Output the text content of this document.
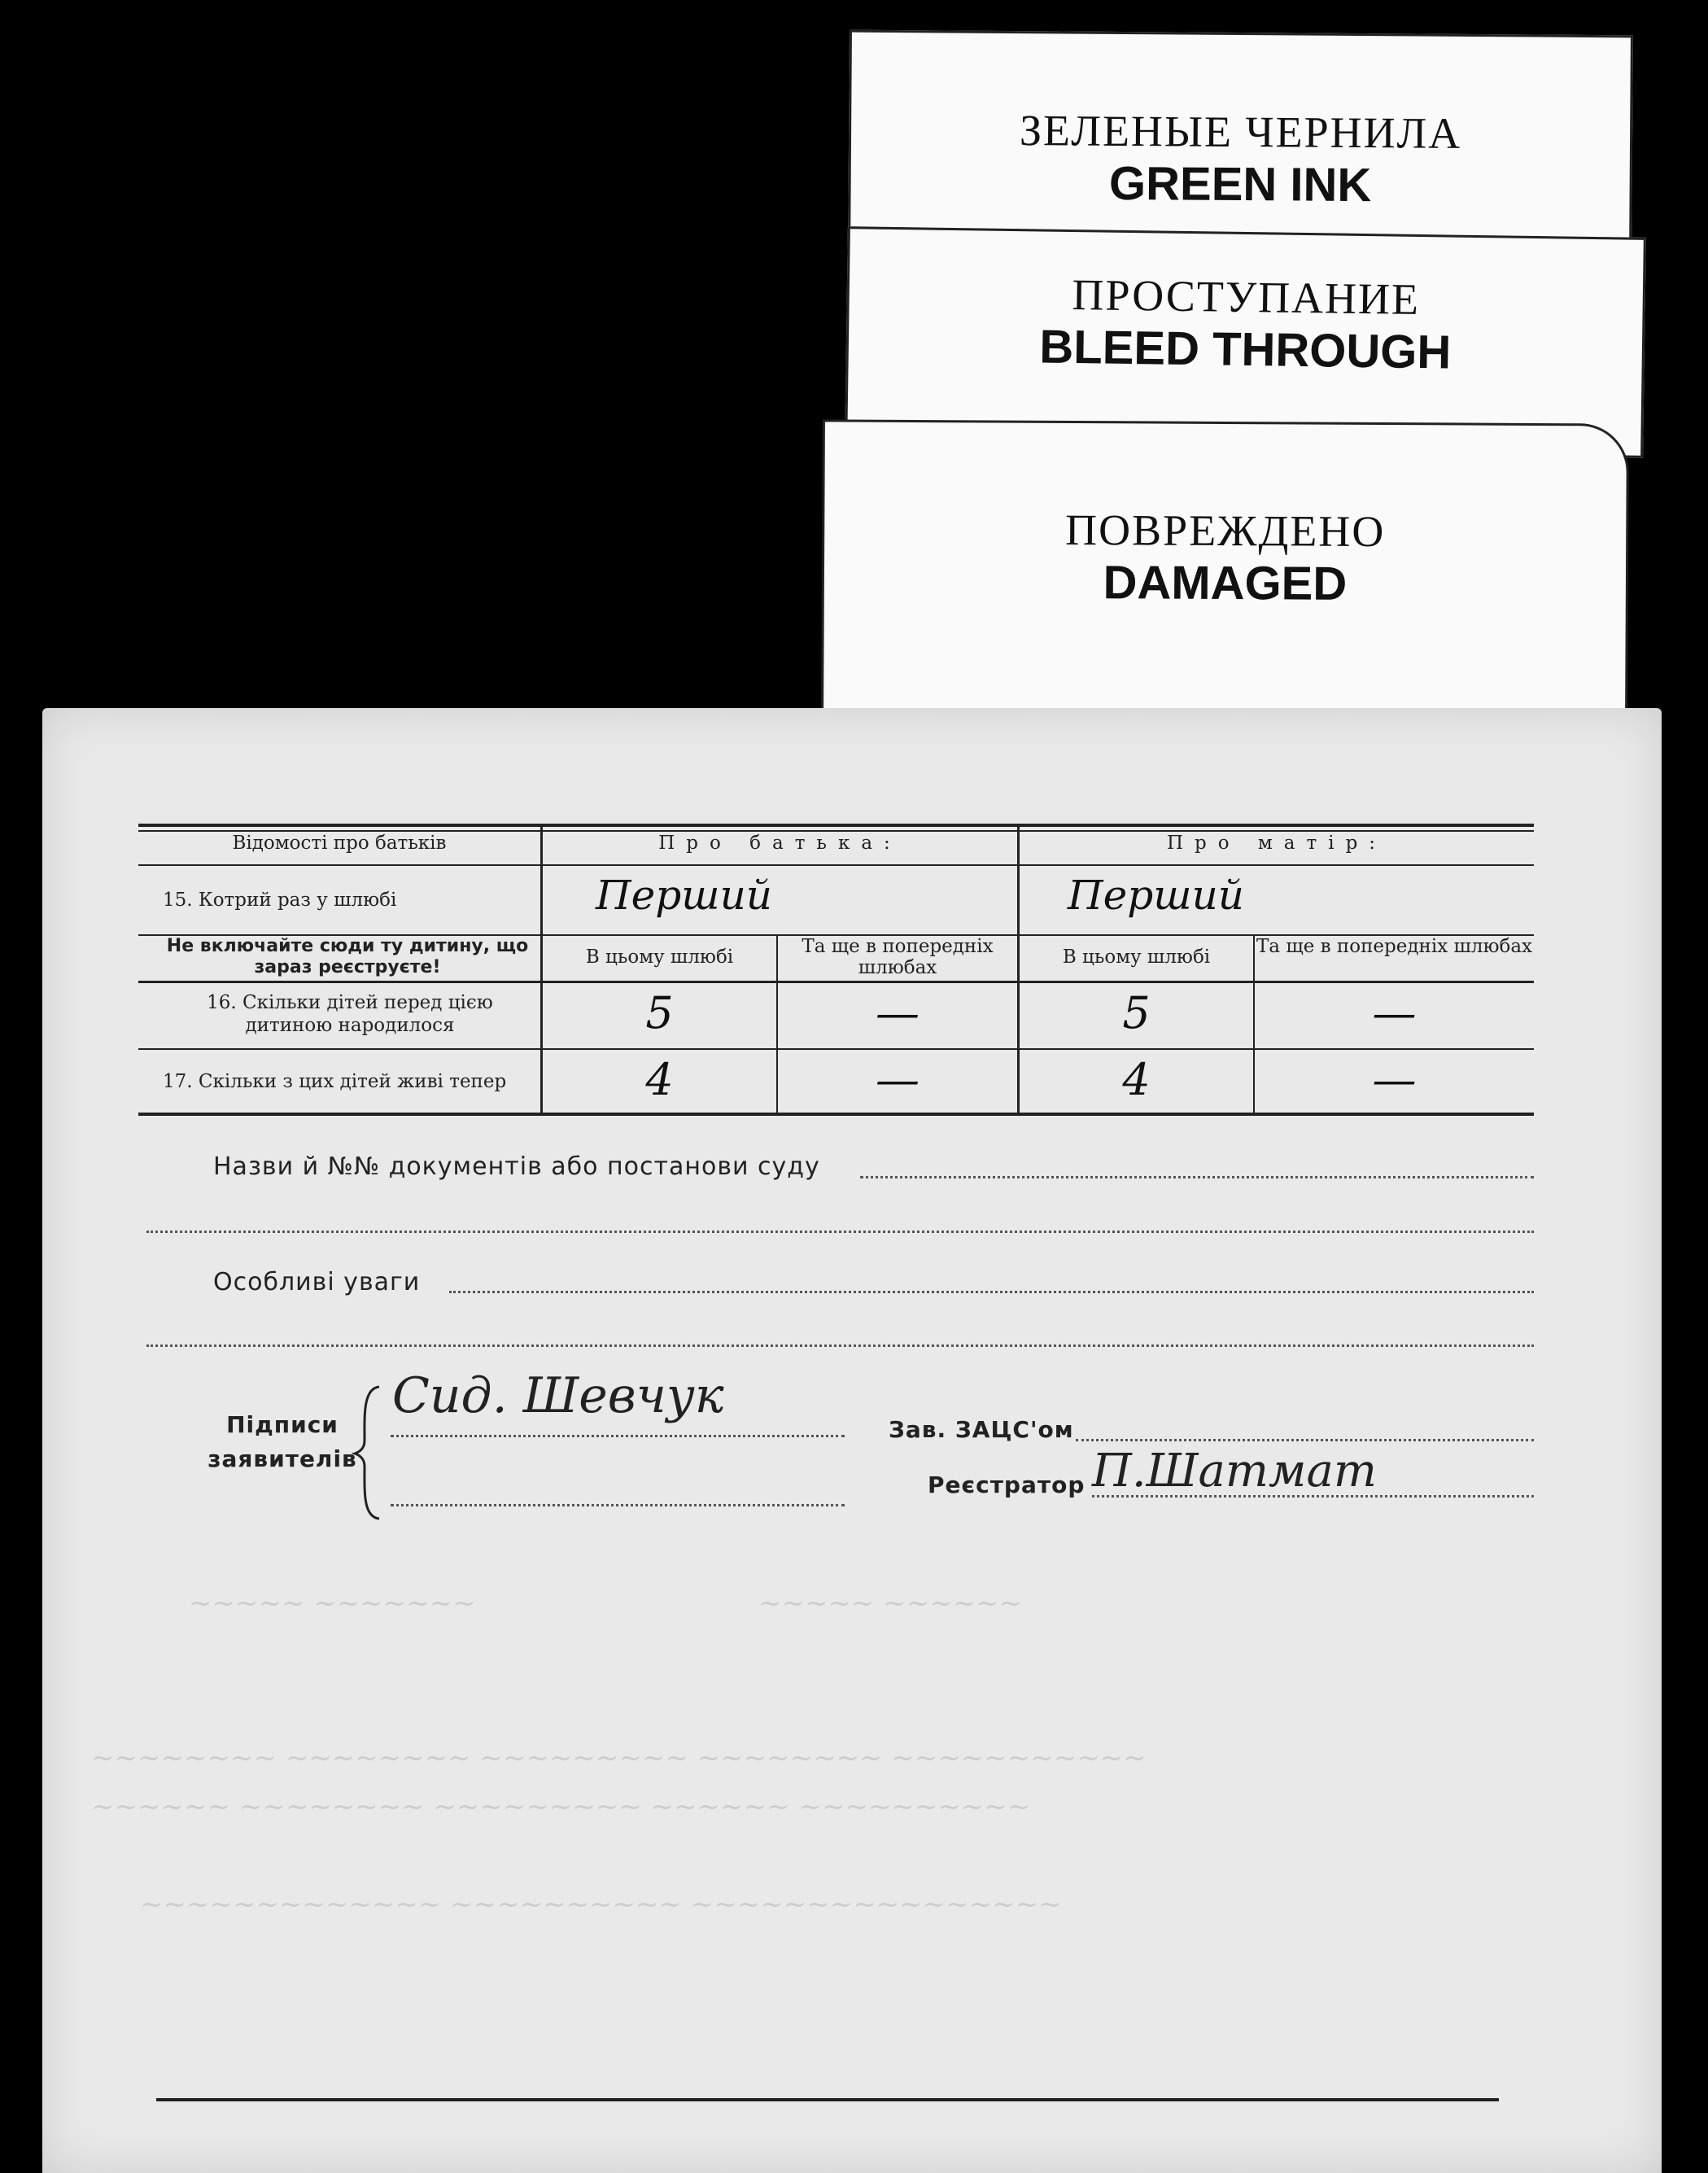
ЗЕЛЕНЫЕ ЧЕРНИЛА
GREEN INK
ПРОСТУПАНИЕ
BLEED THROUGH
ПОВРЕЖДЕНО
DAMAGED
~~~~~ ~~~~~~~	~~~~~ ~~~~~~
~~~~~~~~ ~~~~~~~~ ~~~~~~~~~ ~~~~~~~~ ~~~~~~~~~~~
~~~~~~ ~~~~~~~~ ~~~~~~~~~ ~~~~~~ ~~~~~~~~~~
~~~~~~~~~~~~~ ~~~~~~~~~~ ~~~~~~~~~~~~~~~~
Відомості про батьків	Про батька:	Про матір:
15. Котрий раз у шлюбі	Перший	Перший
Не включайте сюди ту дитину, що зараз реєструєте!	В цьому шлюбі	Та ще в попередніх шлюбах	В цьому шлюбі	Та ще в попередніх шлюбах
16. Скільки дітей перед цією дитиною народилося	5	—	5	—
17. Скільки з цих дітей живі тепер	4	—	4	—
Назви й №№ документів або постанови суду
Особливі уваги
Підписи заявителів
Сид. Шевчук
Зав. ЗАЦС'ом
Реєстратор П.Шатмат
